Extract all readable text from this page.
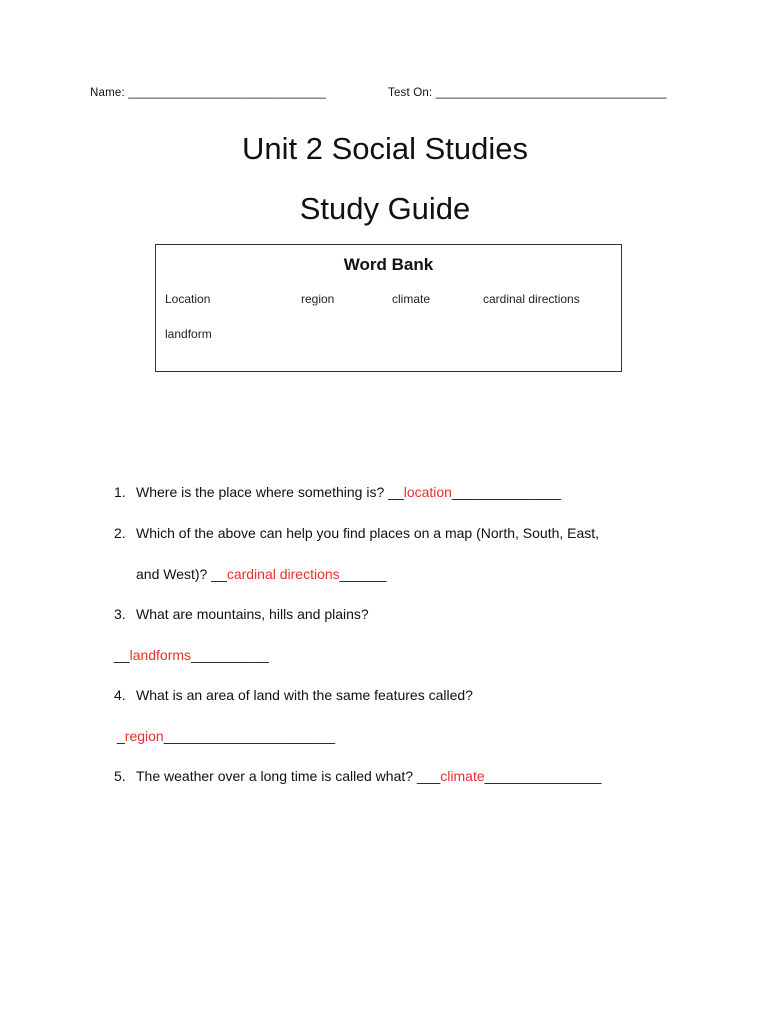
Name: ______________________________	Test On: ___________________________________
Unit 2 Social Studies
Study Guide
Word Bank
Location	region	climate	cardinal directions
landform
1. Where is the place where something is? __location______________
2. Which of the above can help you find places on a map (North, South, East,
and West)? __cardinal directions______
3. What are mountains, hills and plains?
__landforms__________
4. What is an area of land with the same features called?
_region______________________
5. The weather over a long time is called what? ___climate_______________
